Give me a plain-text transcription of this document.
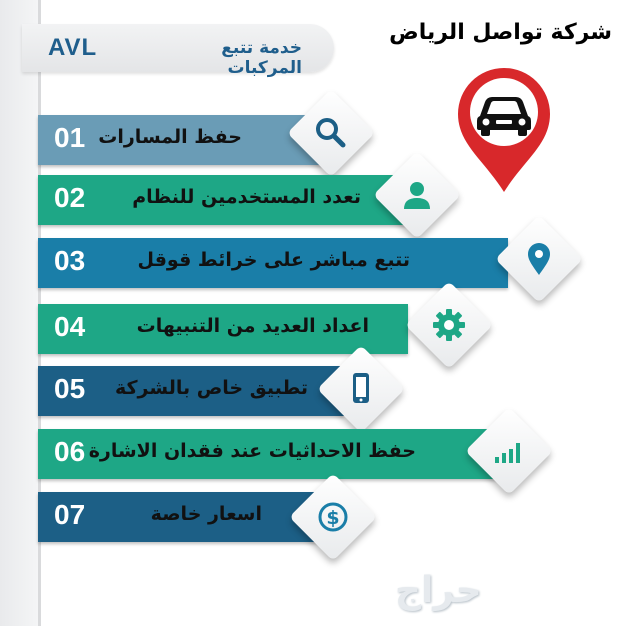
AVL	خدمة تتبع المركبات
شركة تواصل الرياض
01 حفظ المسارات
02 تعدد المستخدمين للنظام
03	تتبع مباشر على خرائط قوقل
04	اعداد العديد من التنبيهات
05 تطبيق خاص بالشركة
06 حفظ الاحداثيات عند فقدان الاشارة
07	اسعار خاصة	$
حراج
